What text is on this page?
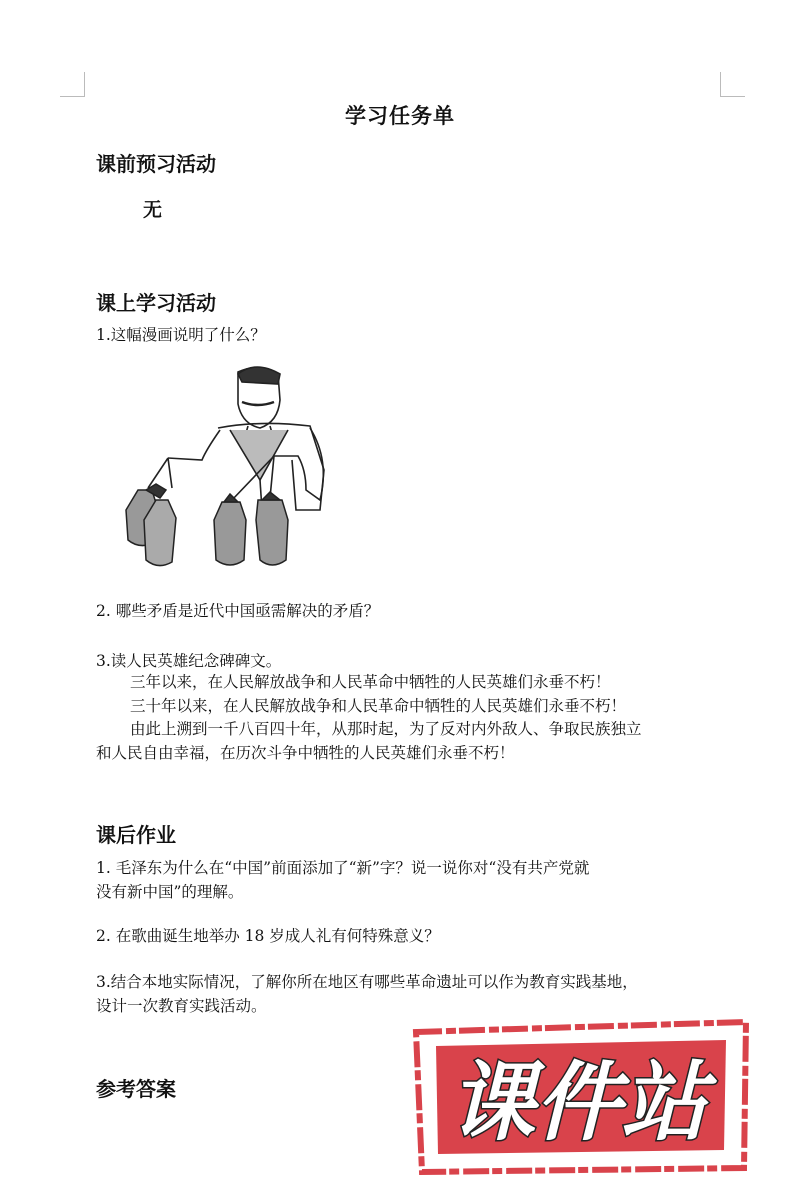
学习任务单
课前预习活动
无
课上学习活动
1.这幅漫画说明了什么？
2. 哪些矛盾是近代中国亟需解决的矛盾？
3.读人民英雄纪念碑碑文。
三年以来，在人民解放战争和人民革命中牺牲的人民英雄们永垂不朽！
三十年以来，在人民解放战争和人民革命中牺牲的人民英雄们永垂不朽！
由此上溯到一千八百四十年，从那时起，为了反对内外敌人、争取民族独立
和人民自由幸福，在历次斗争中牺牲的人民英雄们永垂不朽！
课后作业
1. 毛泽东为什么在“中国”前面添加了“新”字？说一说你对“没有共产党就
没有新中国”的理解。
2. 在歌曲诞生地举办 18 岁成人礼有何特殊意义？
3.结合本地实际情况，了解你所在地区有哪些革命遗址可以作为教育实践基地，
设计一次教育实践活动。
参考答案	课件站
